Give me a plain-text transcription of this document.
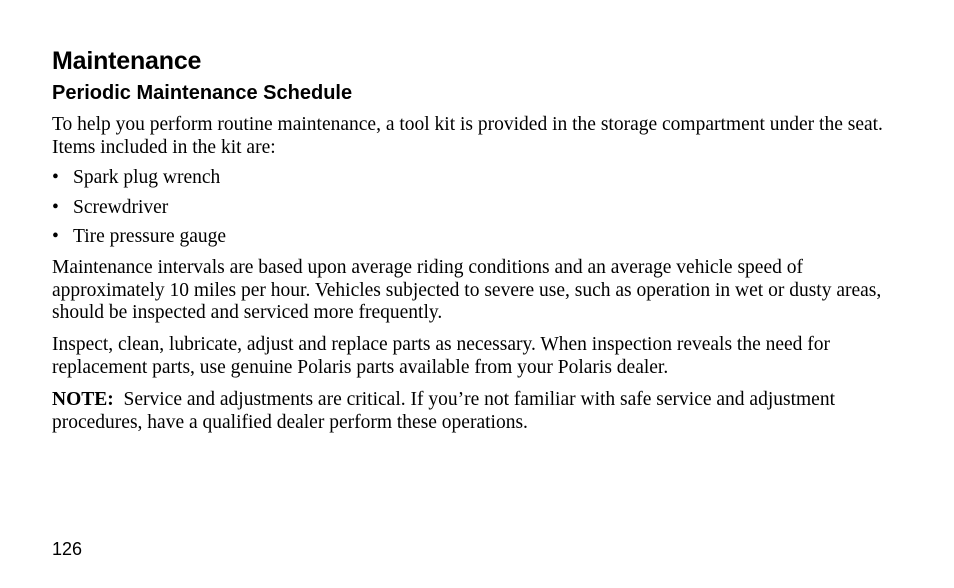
Maintenance
Periodic Maintenance Schedule

To help you perform routine maintenance, a tool kit is provided in the storage compartment under the seat. Items included in the kit are:

• Spark plug wrench
• Screwdriver
• Tire pressure gauge

Maintenance intervals are based upon average riding conditions and an average vehicle speed of approximately 10 miles per hour. Vehicles subjected to severe use, such as operation in wet or dusty areas, should be inspected and serviced more frequently.

Inspect, clean, lubricate, adjust and replace parts as necessary. When inspection reveals the need for replacement parts, use genuine Polaris parts available from your Polaris dealer.

NOTE: Service and adjustments are critical. If you’re not familiar with safe service and adjustment procedures, have a qualified dealer perform these operations.

126
